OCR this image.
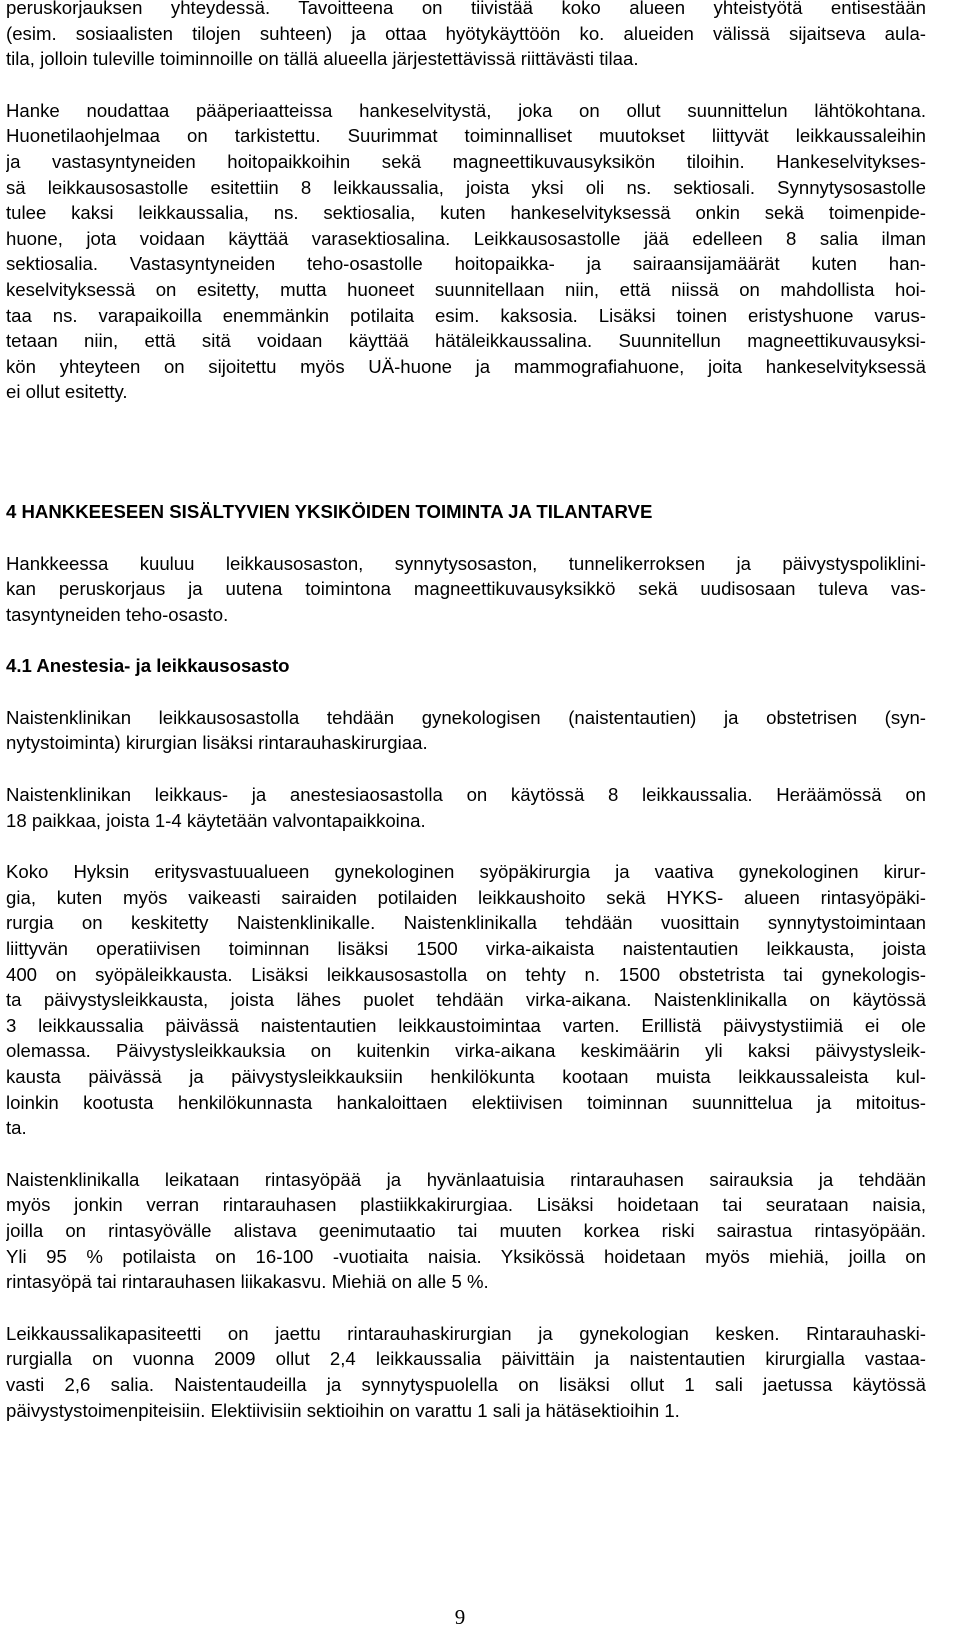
peruskorjauksen yhteydessä. Tavoitteena on tiivistää koko alueen yhteistyötä entisestään
(esim. sosiaalisten tilojen suhteen) ja ottaa hyötykäyttöön ko. alueiden välissä sijaitseva aula-
tila, jolloin tuleville toiminnoille on tällä alueella järjestettävissä riittävästi tilaa.
Hanke noudattaa pääperiaatteissa hankeselvitystä, joka on ollut suunnittelun lähtökohtana.
Huonetilaohjelmaa on tarkistettu. Suurimmat toiminnalliset muutokset liittyvät leikkaussaleihin
ja vastasyntyneiden hoitopaikkoihin sekä magneettikuvausyksikön tiloihin. Hankeselvitykses-
sä leikkausosastolle esitettiin 8 leikkaussalia, joista yksi oli ns. sektiosali. Synnytysosastolle
tulee kaksi leikkaussalia, ns. sektiosalia, kuten hankeselvityksessä onkin sekä toimenpide-
huone, jota voidaan käyttää varasektiosalina. Leikkausosastolle jää edelleen 8 salia ilman
sektiosalia. Vastasyntyneiden teho-osastolle hoitopaikka- ja sairaansijamäärät kuten han-
keselvityksessä on esitetty, mutta huoneet suunnitellaan niin, että niissä on mahdollista hoi-
taa ns. varapaikoilla enemmänkin potilaita esim. kaksosia. Lisäksi toinen eristyshuone varus-
tetaan niin, että sitä voidaan käyttää hätäleikkaussalina. Suunnitellun magneettikuvausyksi-
kön yhteyteen on sijoitettu myös UÄ-huone ja mammografiahuone, joita hankeselvityksessä
ei ollut esitetty.
4 HANKKEESEEN SISÄLTYVIEN YKSIKÖIDEN TOIMINTA JA TILANTARVE
Hankkeessa kuuluu leikkausosaston, synnytysosaston, tunnelikerroksen ja päivystyspoliklini-
kan peruskorjaus ja uutena toimintona magneettikuvausyksikkö sekä uudisosaan tuleva vas-
tasyntyneiden teho-osasto.
4.1 Anestesia- ja leikkausosasto
Naistenklinikan leikkausosastolla tehdään gynekologisen (naistentautien) ja obstetrisen (syn-
nytystoiminta) kirurgian lisäksi rintarauhaskirurgiaa.
Naistenklinikan leikkaus- ja anestesiaosastolla on käytössä 8 leikkaussalia. Heräämössä on
18 paikkaa, joista 1-4 käytetään valvontapaikkoina.
Koko Hyksin eritysvastuualueen gynekologinen syöpäkirurgia ja vaativa gynekologinen kirur-
gia, kuten myös vaikeasti sairaiden potilaiden leikkaushoito sekä HYKS- alueen rintasyöpäki-
rurgia on keskitetty Naistenklinikalle. Naistenklinikalla tehdään vuosittain synnytystoimintaan
liittyvän operatiivisen toiminnan lisäksi 1500 virka-aikaista naistentautien leikkausta, joista
400 on syöpäleikkausta. Lisäksi leikkausosastolla on tehty n. 1500 obstetrista tai gynekologis-
ta päivystysleikkausta, joista lähes puolet tehdään virka-aikana. Naistenklinikalla on käytössä
3 leikkaussalia päivässä naistentautien leikkaustoimintaa varten. Erillistä päivystystiimiä ei ole
olemassa. Päivystysleikkauksia on kuitenkin virka-aikana keskimäärin yli kaksi päivystysleik-
kausta päivässä ja päivystysleikkauksiin henkilökunta kootaan muista leikkaussaleista kul-
loinkin kootusta henkilökunnasta hankaloittaen elektiivisen toiminnan suunnittelua ja mitoitus-
ta.
Naistenklinikalla leikataan rintasyöpää ja hyvänlaatuisia rintarauhasen sairauksia ja tehdään
myös jonkin verran rintarauhasen plastiikkakirurgiaa. Lisäksi hoidetaan tai seurataan naisia,
joilla on rintasyövälle alistava geenimutaatio tai muuten korkea riski sairastua rintasyöpään.
Yli 95 % potilaista on 16-100 -vuotiaita naisia. Yksikössä hoidetaan myös miehiä, joilla on
rintasyöpä tai rintarauhasen liikakasvu. Miehiä on alle 5 %.
Leikkaussalikapasiteetti on jaettu rintarauhaskirurgian ja gynekologian kesken. Rintarauhaski-
rurgialla on vuonna 2009 ollut 2,4 leikkaussalia päivittäin ja naistentautien kirurgialla vastaa-
vasti 2,6 salia. Naistentaudeilla ja synnytyspuolella on lisäksi ollut 1 sali jaetussa käytössä
päivystystoimenpiteisiin. Elektiivisiin sektioihin on varattu 1 sali ja hätäsektioihin 1.
9
